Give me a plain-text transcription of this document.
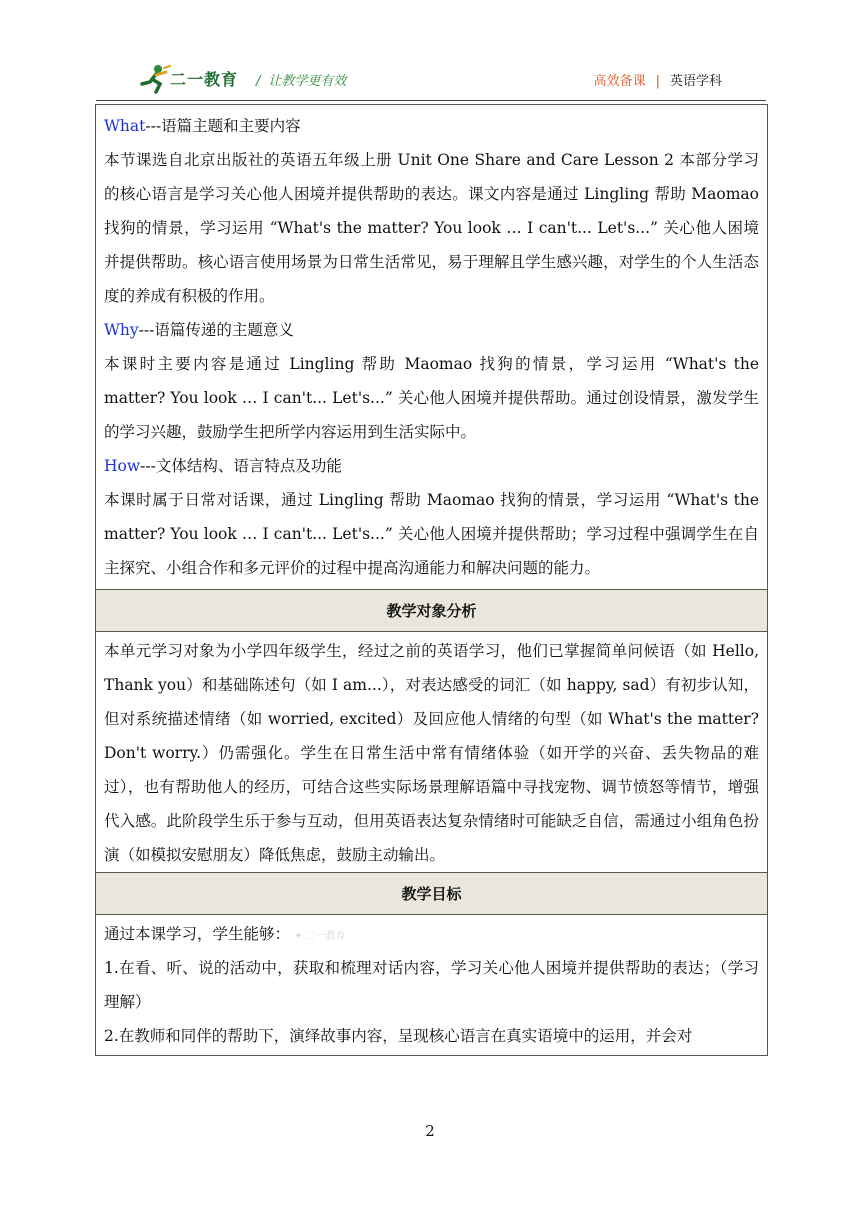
二一教育 / 让教学更有效	高效备课 | 英语学科

What---语篇主题和主要内容

本节课选自北京出版社的英语五年级上册 Unit One Share and Care Lesson 2 本部分学习的核心语言是学习关心他人困境并提供帮助的表达。课文内容是通过 Lingling 帮助 Maomao 找狗的情景，学习运用 “What's the matter? You look … I can't... Let's...” 关心他人困境并提供帮助。核心语言使用场景为日常生活常见，易于理解且学生感兴趣，对学生的个人生活态度的养成有积极的作用。

Why---语篇传递的主题意义

本课时主要内容是通过 Lingling 帮助 Maomao 找狗的情景，学习运用 “What's the matter? You look … I can't... Let's...” 关心他人困境并提供帮助。通过创设情景，激发学生的学习兴趣，鼓励学生把所学内容运用到生活实际中。

How---文体结构、语言特点及功能

本课时属于日常对话课，通过 Lingling 帮助 Maomao 找狗的情景，学习运用 “What's the matter? You look … I can't... Let's...” 关心他人困境并提供帮助；学习过程中强调学生在自主探究、小组合作和多元评价的过程中提高沟通能力和解决问题的能力。

教学对象分析

本单元学习对象为小学四年级学生，经过之前的英语学习，他们已掌握简单问候语（如 Hello, Thank you）和基础陈述句（如 I am...），对表达感受的词汇（如 happy, sad）有初步认知，但对系统描述情绪（如 worried, excited）及回应他人情绪的句型（如 What's the matter? Don't worry.）仍需强化。学生在日常生活中常有情绪体验（如开学的兴奋、丢失物品的难过），也有帮助他人的经历，可结合这些实际场景理解语篇中寻找宠物、调节愤怒等情节，增强代入感。此阶段学生乐于参与互动，但用英语表达复杂情绪时可能缺乏自信，需通过小组角色扮演（如模拟安慰朋友）降低焦虑，鼓励主动输出。

教学目标

通过本课学习，学生能够： ✦ 二一教育

1.在看、听、说的活动中，获取和梳理对话内容，学习关心他人困境并提供帮助的表达；（学习理解）

2.在教师和同伴的帮助下，演绎故事内容，呈现核心语言在真实语境中的运用，并会对

2
